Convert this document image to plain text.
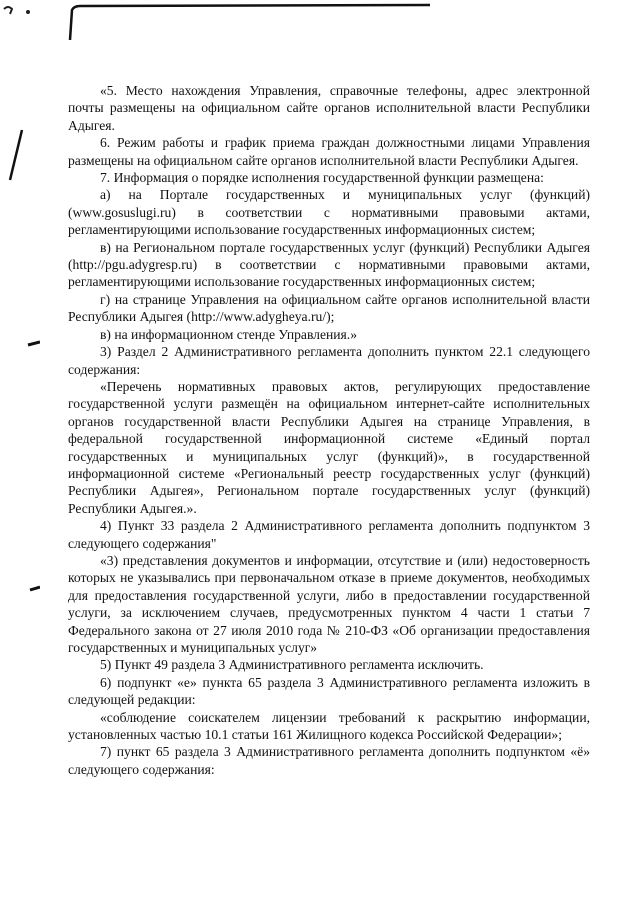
«5. Место нахождения Управления, справочные телефоны, адрес электронной почты размещены на официальном сайте органов исполнительной власти Республики Адыгея.

6. Режим работы и график приема граждан должностными лицами Управления размещены на официальном сайте органов исполнительной власти Республики Адыгея.

7. Информация о порядке исполнения государственной функции размещена:

а) на Портале государственных и муниципальных услуг (функций) (www.gosuslugi.ru) в соответствии с нормативными правовыми актами, регламентирующими использование государственных информационных систем;

в) на Региональном портале государственных услуг (функций) Республики Адыгея (http://pgu.adygresp.ru) в соответствии с нормативными правовыми актами, регламентирующими использование государственных информационных систем;

г) на странице Управления на официальном сайте органов исполнительной власти Республики Адыгея (http://www.adygheya.ru/);

в) на информационном стенде Управления.»

3) Раздел 2 Административного регламента дополнить пунктом 22.1 следующего содержания:

«Перечень нормативных правовых актов, регулирующих предоставление государственной услуги размещён на официальном интернет-сайте исполнительных органов государственной власти Республики Адыгея на странице Управления, в федеральной государственной информационной системе «Единый портал государственных и муниципальных услуг (функций)», в государственной информационной системе «Региональный реестр государственных услуг (функций) Республики Адыгея», Региональном портале государственных услуг (функций) Республики Адыгея.».

4) Пункт 33 раздела 2 Административного регламента дополнить подпунктом 3 следующего содержания"

«3) представления документов и информации, отсутствие и (или) недостоверность которых не указывались при первоначальном отказе в приеме документов, необходимых для предоставления государственной услуги, либо в предоставлении государственной услуги, за исключением случаев, предусмотренных пунктом 4 части 1 статьи 7 Федерального закона от 27 июля 2010 года № 210-ФЗ «Об организации предоставления государственных и муниципальных услуг»

5) Пункт 49 раздела 3 Административного регламента исключить.

6) подпункт «е» пункта 65 раздела 3 Административного регламента изложить в следующей редакции:

«соблюдение соискателем лицензии требований к раскрытию информации, установленных частью 10.1 статьи 161 Жилищного кодекса Российской Федерации»;

7) пункт 65 раздела 3 Административного регламента дополнить подпунктом «ё» следующего содержания:
